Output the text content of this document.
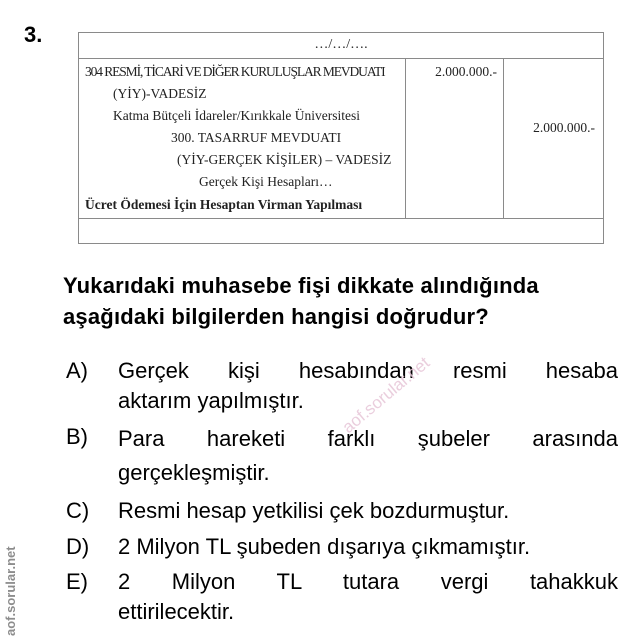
3.	…/…/….
304 RESMİ, TİCARİ VE DİĞER KURULUŞLAR MEVDUATI
(YİY)-VADESİZ
Katma Bütçeli İdareler/Kırıkkale Üniversitesi
300. TASARRUF MEVDUATI
(YİY-GERÇEK KİŞİLER) – VADESİZ
Gerçek Kişi Hesapları…
Ücret Ödemesi İçin Hesaptan Virman Yapılması
2.000.000.-
2.000.000.-
Yukarıdaki muhasebe fişi dikkate alındığında aşağıdaki bilgilerden hangisi doğrudur?
A) Gerçek kişi hesabından resmi hesaba
aktarım yapılmıştır.
B) Para hareketi farklı şubeler arasında
gerçekleşmiştir.
C) Resmi hesap yetkilisi çek bozdurmuştur.
D) 2 Milyon TL şubeden dışarıya çıkmamıştır.
E) 2 Milyon TL tutara vergi tahakkuk
ettirilecektir.
aof.sorular.net
aof.sorular.net
